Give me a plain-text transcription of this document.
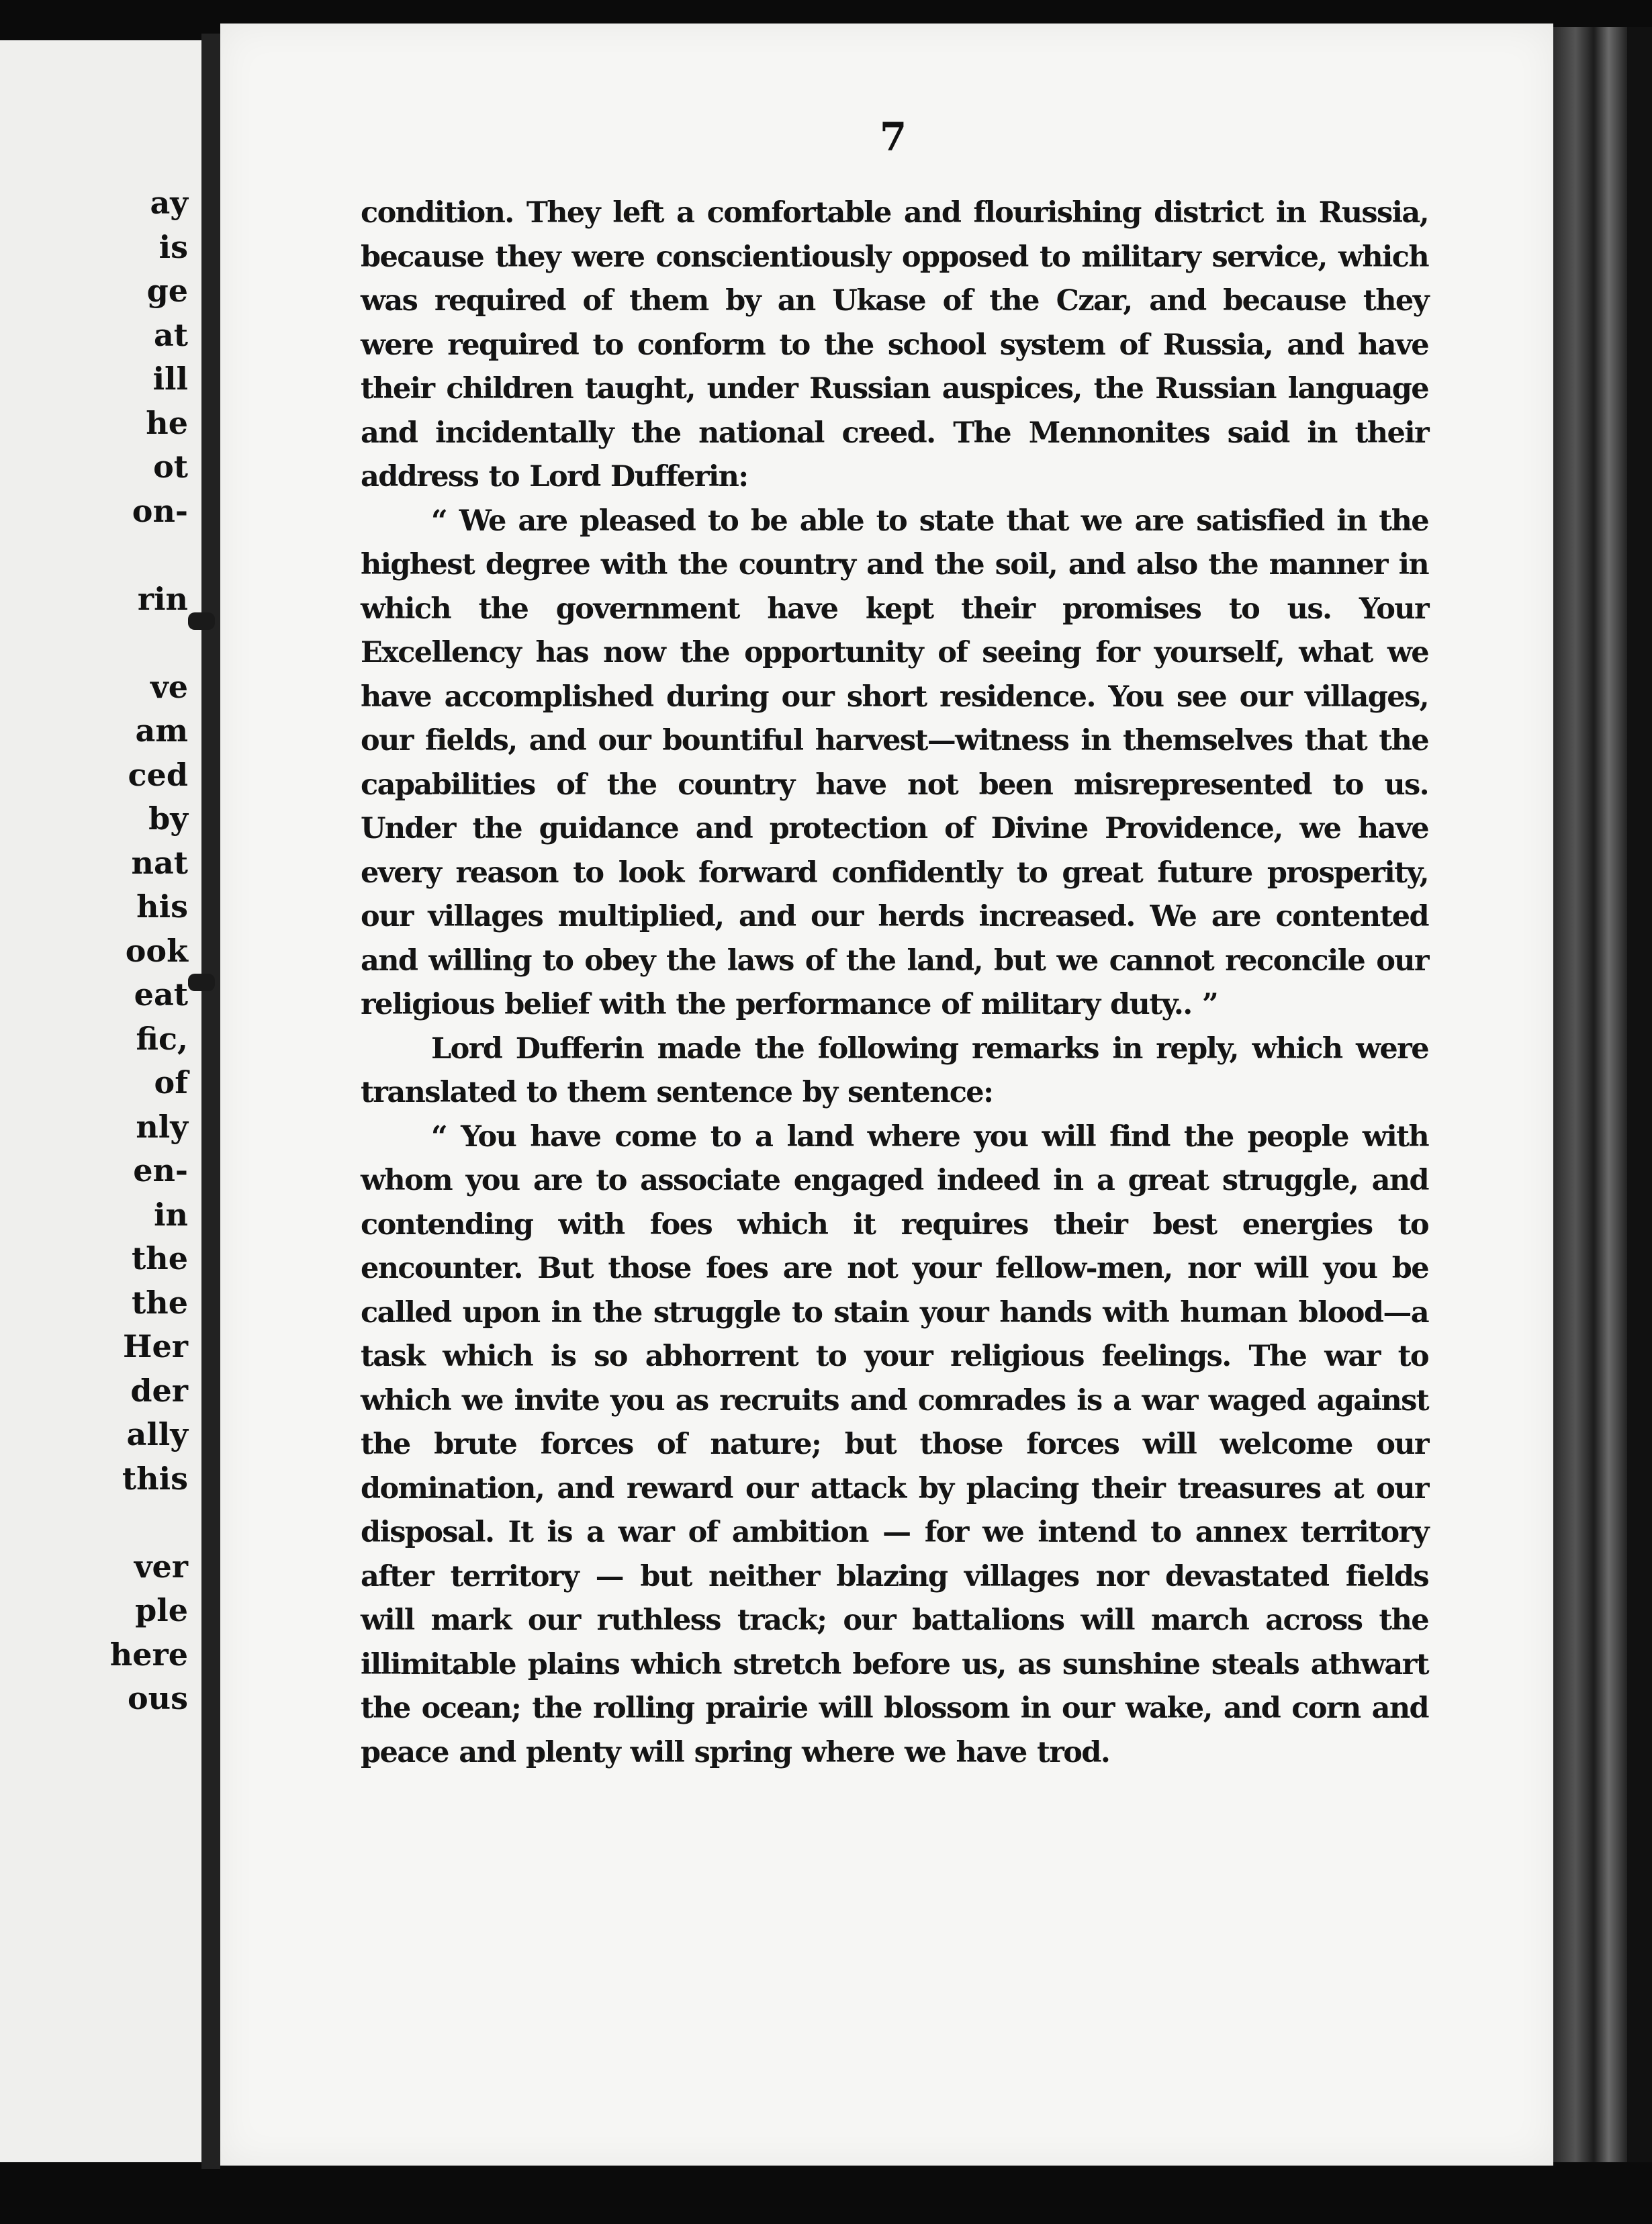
ay
is
ge
at
ill
he
ot
on-
rin
ve
am
ced
by
nat
his
ook
eat
fic,
of
nly
en-
in
the
the
Her
der
ally
this
ver
ple
here
ous
7

condition. They left a comfortable and flourishing district in Russia, because they were conscientiously opposed to military service, which was required of them by an Ukase of the Czar, and because they were required to conform to the school system of Russia, and have their children taught, under Russian auspices, the Russian language and incidentally the national creed. The Mennonites said in their address to Lord Dufferin:

“ We are pleased to be able to state that we are satisfied in the highest degree with the country and the soil, and also the manner in which the government have kept their promises to us. Your Excellency has now the opportunity of seeing for yourself, what we have accomplished during our short residence. You see our villages, our fields, and our bountiful harvest—witness in themselves that the capabilities of the country have not been misrepresented to us. Under the guidance and protection of Divine Providence, we have every reason to look forward confidently to great future prosperity, our villages multiplied, and our herds increased. We are contented and willing to obey the laws of the land, but we cannot reconcile our religious belief with the performance of military duty.. ”

Lord Dufferin made the following remarks in reply, which were translated to them sentence by sentence:

“ You have come to a land where you will find the people with whom you are to associate engaged indeed in a great struggle, and contending with foes which it requires their best energies to encounter. But those foes are not your fellow-men, nor will you be called upon in the struggle to stain your hands with human blood—a task which is so abhorrent to your religious feelings. The war to which we invite you as recruits and comrades is a war waged against the brute forces of nature; but those forces will welcome our domination, and reward our attack by placing their treasures at our disposal. It is a war of ambition — for we intend to annex territory after territory — but neither blazing villages nor devastated fields will mark our ruthless track; our battalions will march across the illimitable plains which stretch before us, as sunshine steals athwart the ocean; the rolling prairie will blossom in our wake, and corn and peace and plenty will spring where we have trod.
